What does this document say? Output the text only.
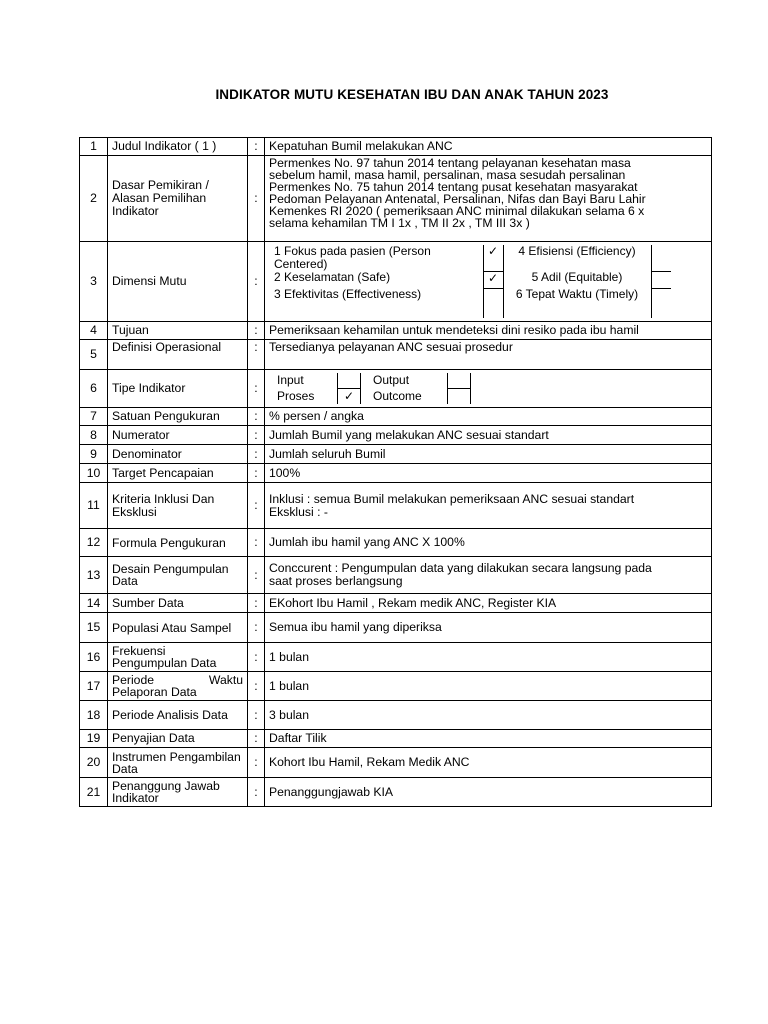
INDIKATOR MUTU KESEHATAN IBU DAN ANAK TAHUN 2023
1	Judul Indikator ( 1 )	:	Kepatuhan Bumil melakukan ANC
2	Dasar Pemikiran / Alasan Pemilihan Indikator	:	
Permenkes No. 97 tahun 2014 tentang pelayanan kesehatan masa
sebelum hamil, masa hamil, persalinan, masa sesudah persalinan
Permenkes No. 75 tahun 2014 tentang pusat kesehatan masyarakat
Pedoman Pelayanan Antenatal, Persalinan, Nifas dan Bayi Baru Lahir
Kemenkes RI 2020 ( pemeriksaan ANC minimal dilakukan selama 6 x
selama kehamilan TM I 1x , TM II 2x , TM III 3x )

3	Dimensi Mutu	:	
1 Fokus pada pasien (Person Centered)	✓	4 Efisiensi (Efficiency)		
2 Keselamatan (Safe)	✓	5 Adil (Equitable)		
3 Efektivitas (Effectiveness)		6 Tepat Waktu (Timely)		

4	Tujuan	:	Pemeriksaan kehamilan untuk mendeteksi dini resiko pada ibu hamil
5	Definisi Operasional	:	Tersedianya pelayanan ANC sesuai prosedur
6	Tipe Indikator	:	
Input		Output	
Proses	✓	Outcome	

7	Satuan Pengukuran	:	% persen / angka
8	Numerator	:	Jumlah Bumil yang melakukan ANC sesuai standart
9	Denominator	:	Jumlah seluruh Bumil
10	Target Pencapaian	:	100%
11	Kriteria Inklusi Dan Eksklusi	:	Inklusi : semua Bumil melakukan pemeriksaan ANC sesuai standart
Eksklusi : -

12	Formula Pengukuran	:	Jumlah ibu hamil yang ANC X 100%
13	Desain Pengumpulan Data	:	Conccurent : Pengumpulan data yang dilakukan secara langsung pada
saat proses berlangsung

14	Sumber Data	:	EKohort Ibu Hamil , Rekam medik ANC, Register KIA
15	Populasi Atau Sampel	:	Semua ibu hamil yang diperiksa
16	Frekuensi Pengumpulan Data	:	1 bulan
17	Periode Waktu Pelaporan Data	:	1 bulan
18	Periode Analisis Data	:	3 bulan
19	Penyajian Data	:	Daftar Tilik
20	Instrumen Pengambilan Data	:	Kohort Ibu Hamil, Rekam Medik ANC
21	Penanggung Jawab Indikator	:	Penanggungjawab KIA
